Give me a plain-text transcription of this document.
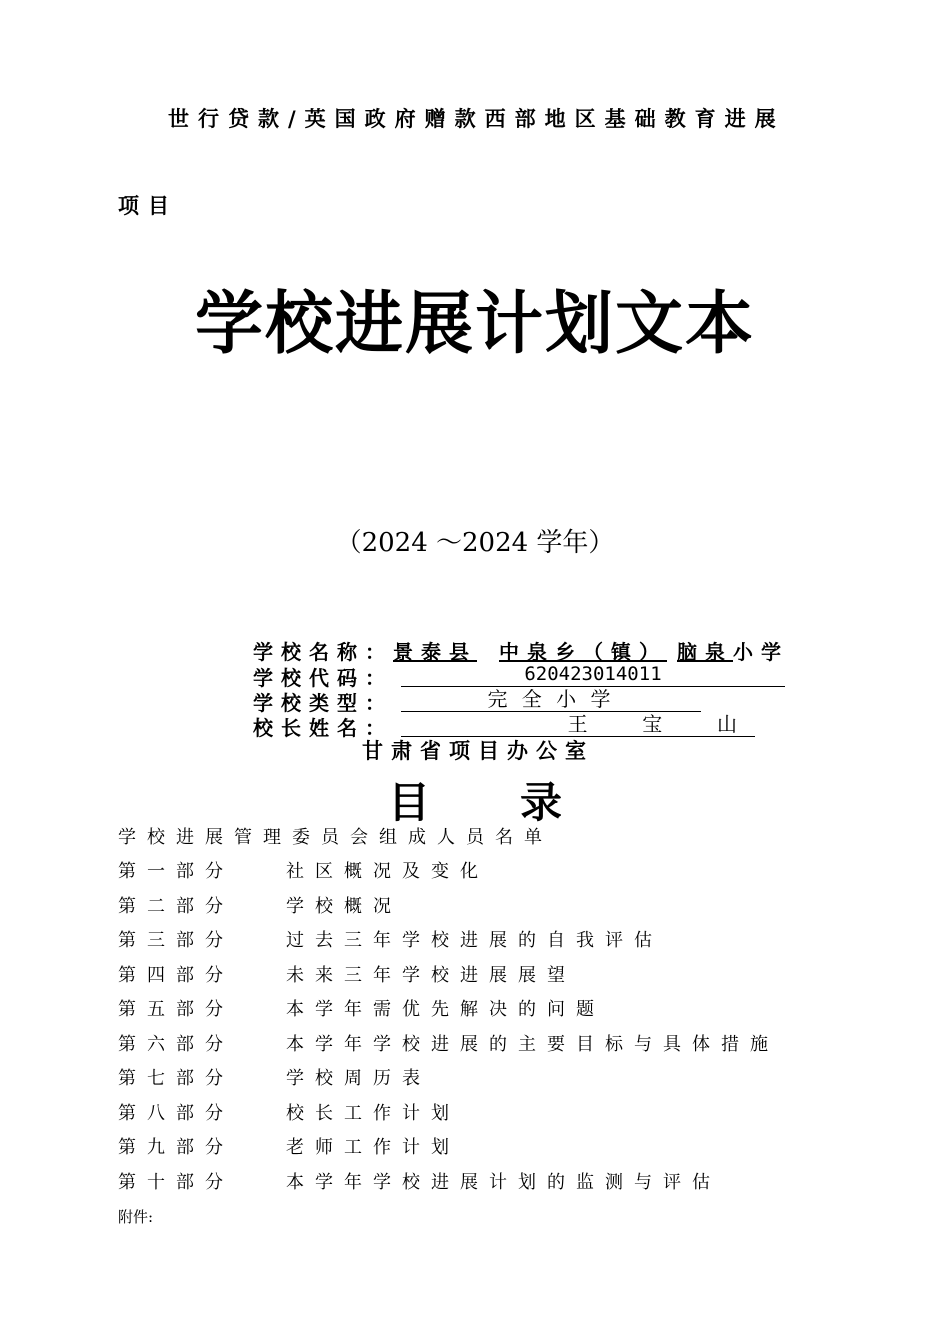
世行贷款/英国政府赠款西部地区基础教育进展
项目
学校进展计划文本
（2024 ～2024 学年）
学校名称：景泰县 中泉乡（镇） 脑泉小学
学校代码：	620423014011
学校类型：	完 全 小 学
校长姓名：	王  宝  山
甘肃省项目办公室
目 录
学校进展管理委员会组成人员名单
第一部分	社区概况及变化
第二部分	学校概况
第三部分	过去三年学校进展的自我评估
第四部分	未来三年学校进展展望
第五部分	本学年需优先解决的问题
第六部分	本学年学校进展的主要目标与具体措施
第七部分	学校周历表
第八部分	校长工作计划
第九部分	老师工作计划
第十部分	本学年学校进展计划的监测与评估
附件:
